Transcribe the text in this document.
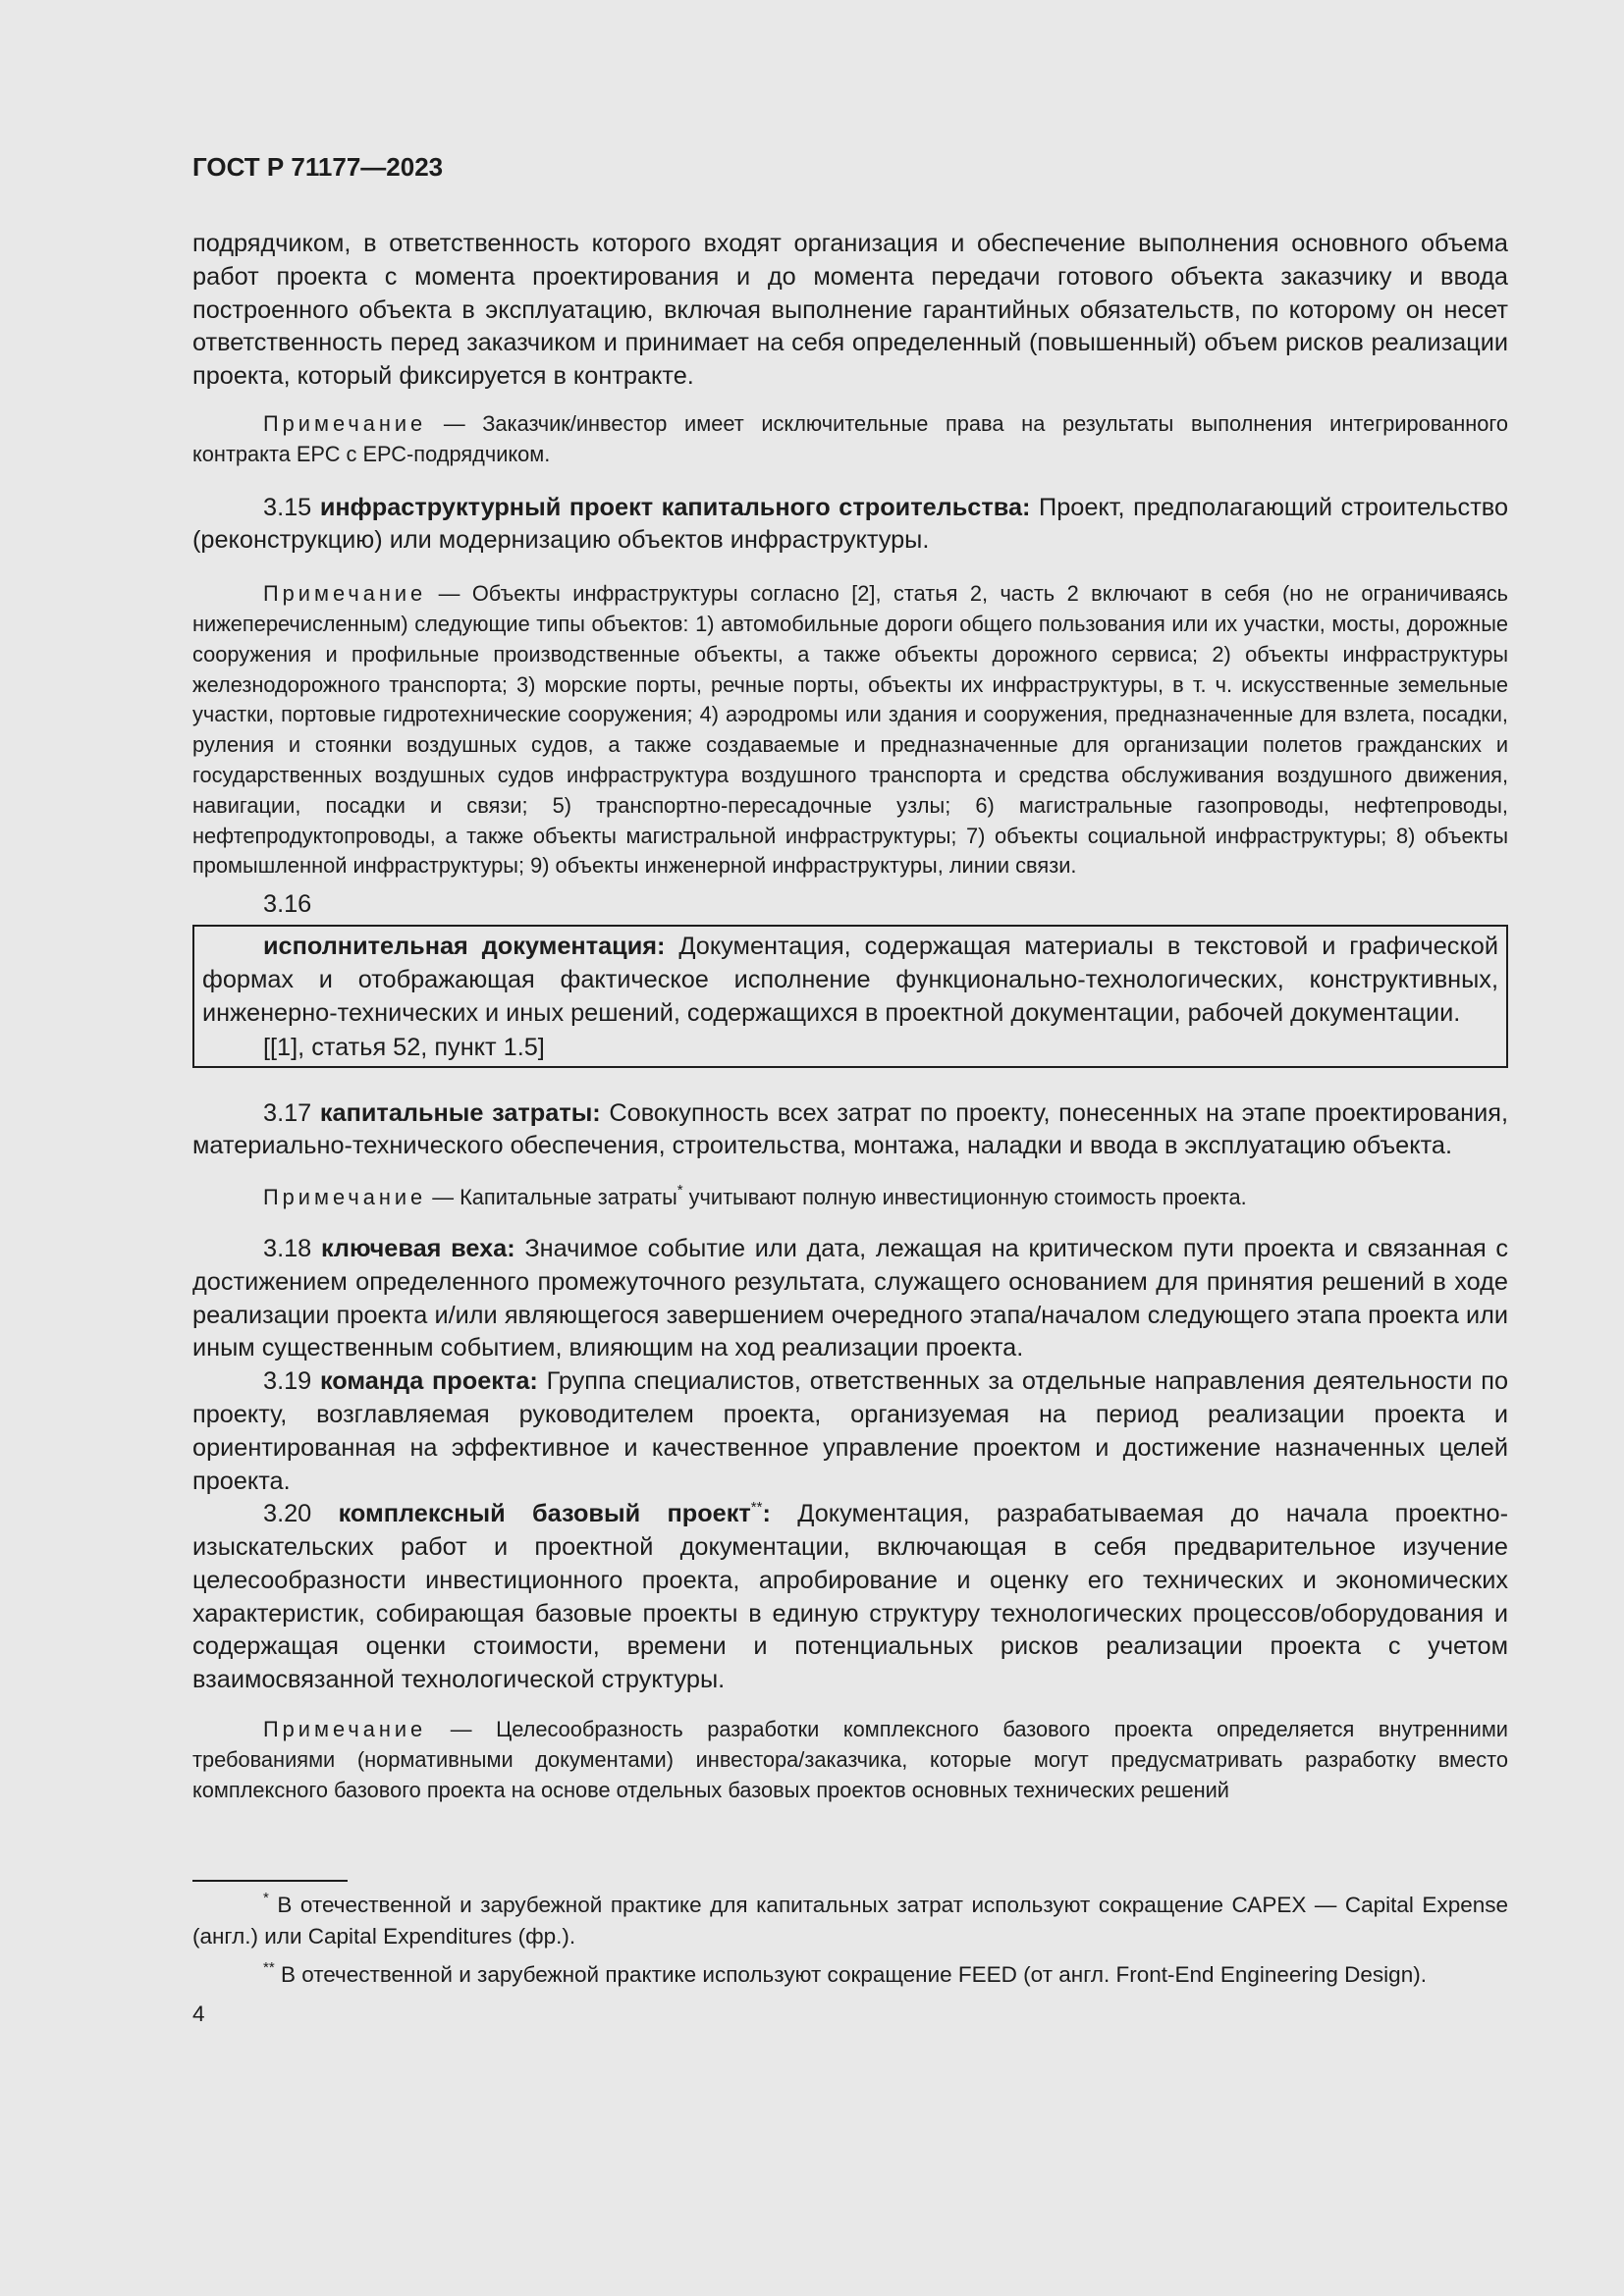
ГОСТ Р 71177—2023

подрядчиком, в ответственность которого входят организация и обеспечение выполнения основного объема работ проекта с момента проектирования и до момента передачи готового объекта заказчику и ввода построенного объекта в эксплуатацию, включая выполнение гарантийных обязательств, по которому он несет ответственность перед заказчиком и принимает на себя определенный (повышенный) объем рисков реализации проекта, который фиксируется в контракте.

Примечание — Заказчик/инвестор имеет исключительные права на результаты выполнения интегрированного контракта ЕРС с ЕРС-подрядчиком.

3.15 инфраструктурный проект капитального строительства: Проект, предполагающий строительство (реконструкцию) или модернизацию объектов инфраструктуры.

Примечание — Объекты инфраструктуры согласно [2], статья 2, часть 2 включают в себя (но не ограничиваясь нижеперечисленным) следующие типы объектов: 1) автомобильные дороги общего пользования или их участки, мосты, дорожные сооружения и профильные производственные объекты, а также объекты дорожного сервиса; 2) объекты инфраструктуры железнодорожного транспорта; 3) морские порты, речные порты, объекты их инфраструктуры, в т. ч. искусственные земельные участки, портовые гидротехнические сооружения; 4) аэродромы или здания и сооружения, предназначенные для взлета, посадки, руления и стоянки воздушных судов, а также создаваемые и предназначенные для организации полетов гражданских и государственных воздушных судов инфраструктура воздушного транспорта и средства обслуживания воздушного движения, навигации, посадки и связи; 5) транспортно-пересадочные узлы; 6) магистральные газопроводы, нефтепроводы, нефтепродуктопроводы, а также объекты магистральной инфраструктуры; 7) объекты социальной инфраструктуры; 8) объекты промышленной инфраструктуры; 9) объекты инженерной инфраструктуры, линии связи.

3.16

исполнительная документация: Документация, содержащая материалы в текстовой и графической формах и отображающая фактическое исполнение функционально-технологических, конструктивных, инженерно-технических и иных решений, содержащихся в проектной документации, рабочей документации.

[[1], статья 52, пункт 1.5]

3.17 капитальные затраты: Совокупность всех затрат по проекту, понесенных на этапе проектирования, материально-технического обеспечения, строительства, монтажа, наладки и ввода в эксплуатацию объекта.

Примечание — Капитальные затраты* учитывают полную инвестиционную стоимость проекта.

3.18 ключевая веха: Значимое событие или дата, лежащая на критическом пути проекта и связанная с достижением определенного промежуточного результата, служащего основанием для принятия решений в ходе реализации проекта и/или являющегося завершением очередного этапа/началом следующего этапа проекта или иным существенным событием, влияющим на ход реализации проекта.

3.19 команда проекта: Группа специалистов, ответственных за отдельные направления деятельности по проекту, возглавляемая руководителем проекта, организуемая на период реализации проекта и ориентированная на эффективное и качественное управление проектом и достижение назначенных целей проекта.

3.20 комплексный базовый проект**: Документация, разрабатываемая до начала проектно-изыскательских работ и проектной документации, включающая в себя предварительное изучение целесообразности инвестиционного проекта, апробирование и оценку его технических и экономических характеристик, собирающая базовые проекты в единую структуру технологических процессов/оборудования и содержащая оценки стоимости, времени и потенциальных рисков реализации проекта с учетом взаимосвязанной технологической структуры.

Примечание — Целесообразность разработки комплексного базового проекта определяется внутренними требованиями (нормативными документами) инвестора/заказчика, которые могут предусматривать разработку вместо комплексного базового проекта на основе отдельных базовых проектов основных технических решений

* В отечественной и зарубежной практике для капитальных затрат используют сокращение САРЕХ — Capital Expense (англ.) или Capital Expenditures (фр.).

** В отечественной и зарубежной практике используют сокращение FEED (от англ. Front-End Engineering Design).

4
